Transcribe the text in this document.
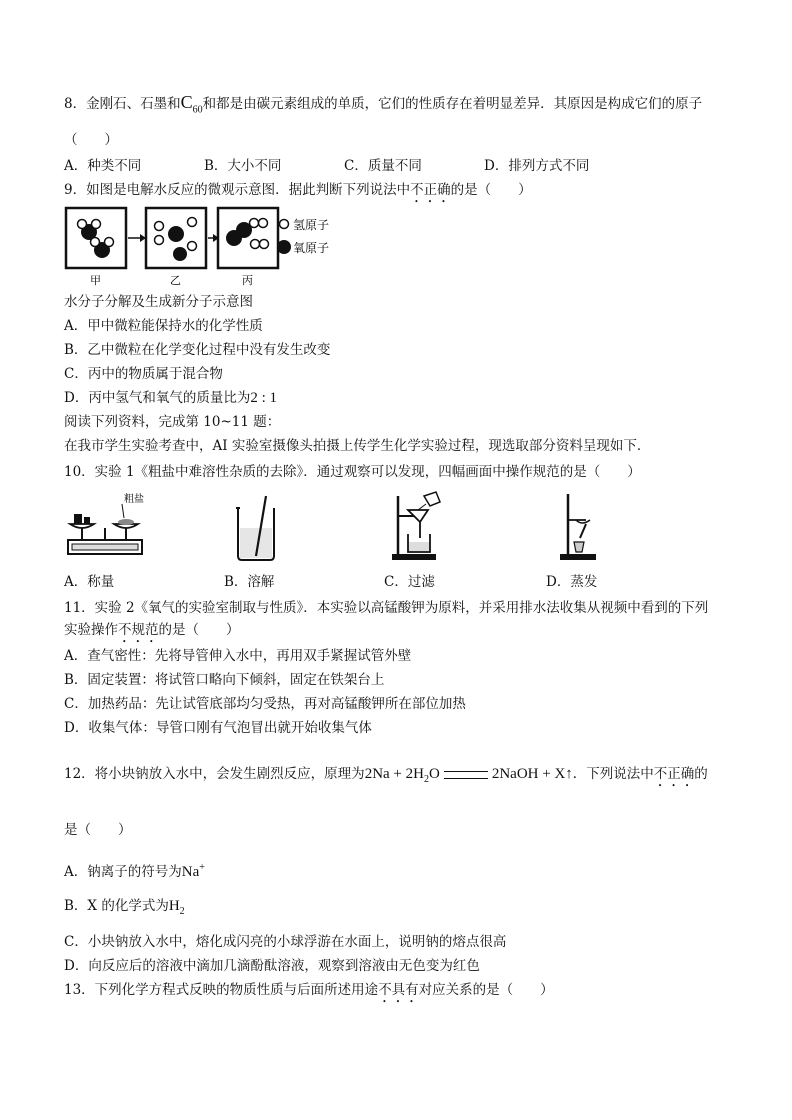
8．金刚石、石墨和$C_{60}$和都是由碳元素组成的单质，它们的性质存在着明显差异．其原因是构成它们的原子
（　　）
A．种类不同	B．大小不同	C．质量不同	D．排列方式不同
9．如图是电解水反应的微观示意图．据此判断下列说法中不正确的是（　　）
氢原子
氧原子
甲	乙	丙
水分子分解及生成新分子示意图
A．甲中微粒能保持水的化学性质
B．乙中微粒在化学变化过程中没有发生改变
C．丙中的物质属于混合物
D．丙中氢气和氧气的质量比为2 : 1
阅读下列资料，完成第 10~11 题：
在我市学生实验考查中，AI 实验室摄像头拍摄上传学生化学实验过程，现选取部分资料呈现如下．
10．实验 1《粗盐中难溶性杂质的去除》．通过观察可以发现，四幅画面中操作规范的是（　　）
粗盐
A．称量	B．溶解	C．过滤	D．蒸发
11．实验 2《氧气的实验室制取与性质》．本实验以高锰酸钾为原料，并采用排水法收集从视频中看到的下列
实验操作不规范的是（　　）
A．查气密性：先将导管伸入水中，再用双手紧握试管外壁
B．固定装置：将试管口略向下倾斜，固定在铁架台上
C．加热药品：先让试管底部均匀受热，再对高锰酸钾所在部位加热
D．收集气体：导管口刚有气泡冒出就开始收集气体
12．将小块钠放入水中，会发生剧烈反应，原理为$2Na + 2H_2O$	2NaOH + X↑．下列说法中不正确的
是（　　）
A．钠离子的符号为Na+
B．X 的化学式为$H_2$
C．小块钠放入水中，熔化成闪亮的小球浮游在水面上，说明钠的熔点很高
D．向反应后的溶液中滴加几滴酚酞溶液，观察到溶液由无色变为红色
13．下列化学方程式反映的物质性质与后面所述用途不具有对应关系的是（　　）
